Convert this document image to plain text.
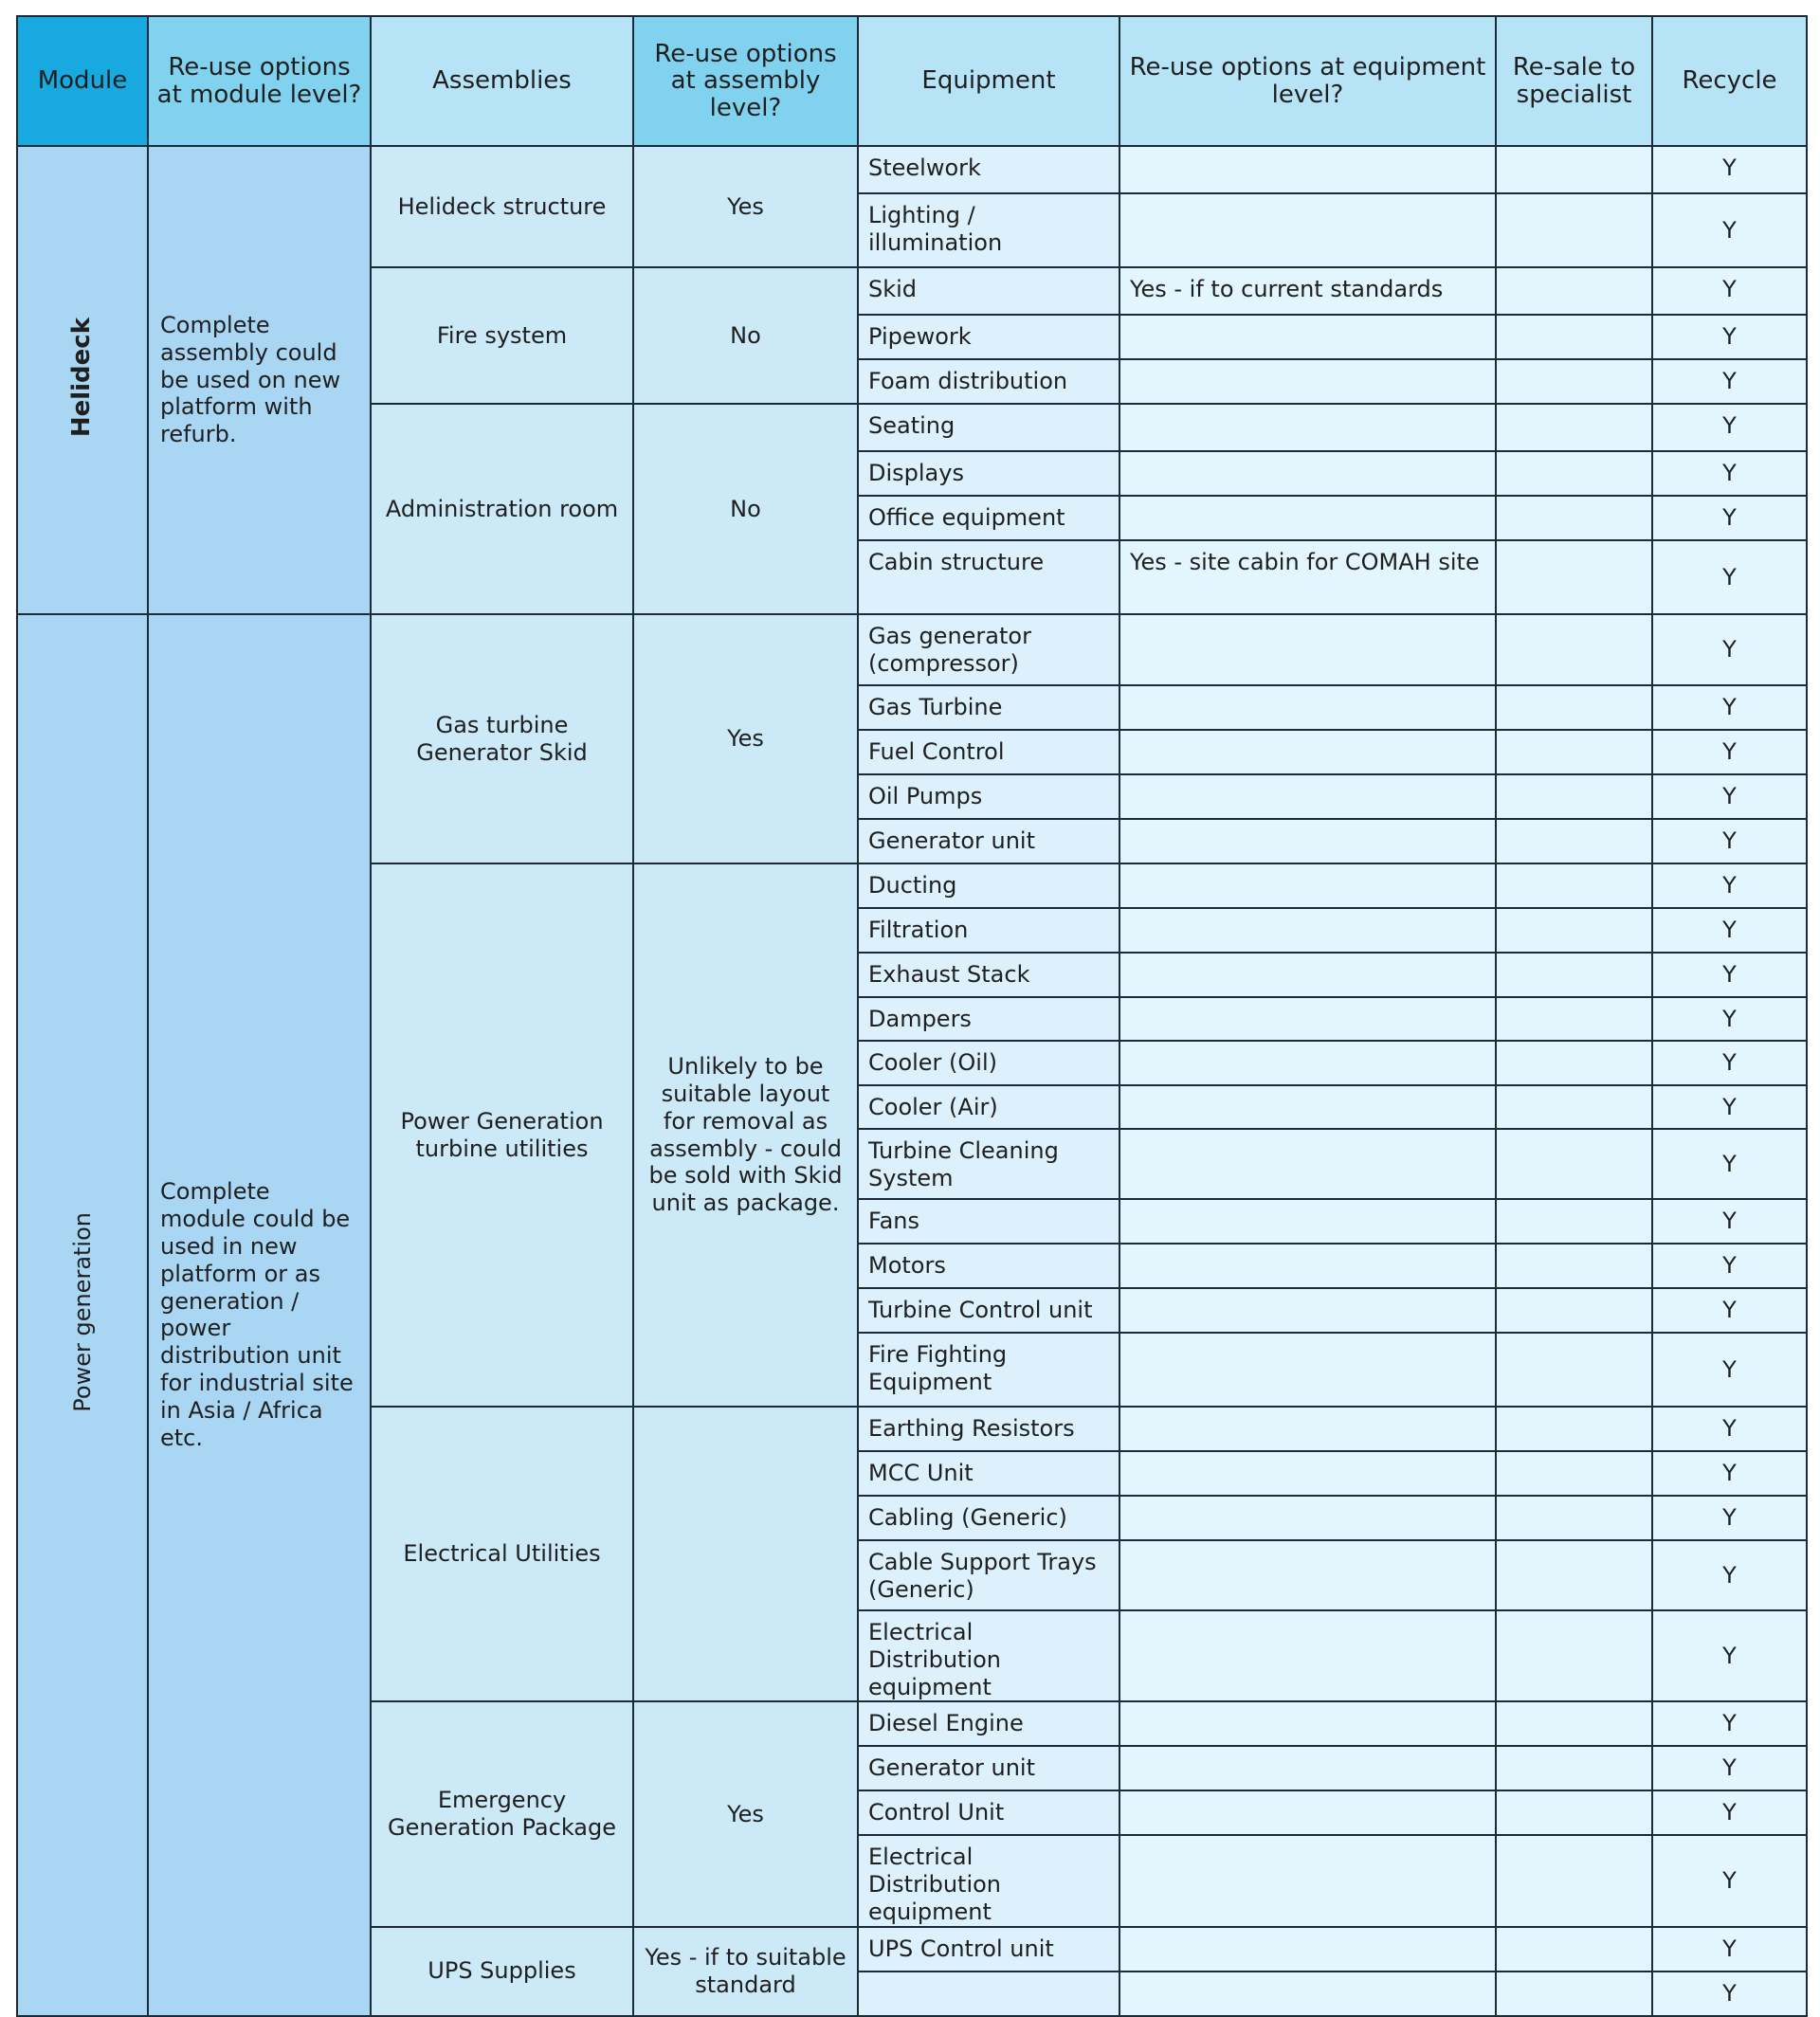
Module	Re-use options at module level?	Assemblies	Re-use options at assembly level?	Equipment	Re-use options at equipment level?	Re-sale to specialist	Recycle
Helideck	Complete assembly could be used on new platform with refurb.	Helideck structure	Yes	Steelwork			Y
				Lighting / illumination			Y
		Fire system	No	Skid	Yes - if to current standards		Y
				Pipework			Y
				Foam distribution			Y
		Administration room	No	Seating			Y
				Displays			Y
				Office equipment			Y
				Cabin structure	Yes - site cabin for COMAH site		Y
Power generation	Complete module could be used in new platform or as generation / power distribution unit for industrial site in Asia / Africa etc.	Gas turbine Generator Skid	Yes	Gas generator (compressor)			Y
				Gas Turbine			Y
				Fuel Control			Y
				Oil Pumps			Y
				Generator unit			Y
		Power Generation turbine utilities	Unlikely to be suitable layout for removal as assembly - could be sold with Skid unit as package.	Ducting			Y
				Filtration			Y
				Exhaust Stack			Y
				Dampers			Y
				Cooler (Oil)			Y
				Cooler (Air)			Y
				Turbine Cleaning System			Y
				Fans			Y
				Motors			Y
				Turbine Control unit			Y
				Fire Fighting Equipment			Y
		Electrical Utilities		Earthing Resistors			Y
				MCC Unit			Y
				Cabling (Generic)			Y
				Cable Support Trays (Generic)			Y
				Electrical Distribution equipment			Y
		Emergency Generation Package	Yes	Diesel Engine			Y
				Generator unit			Y
				Control Unit			Y
				Electrical Distribution equipment			Y
		UPS Supplies	Yes - if to suitable standard	UPS Control unit			Y
							Y
